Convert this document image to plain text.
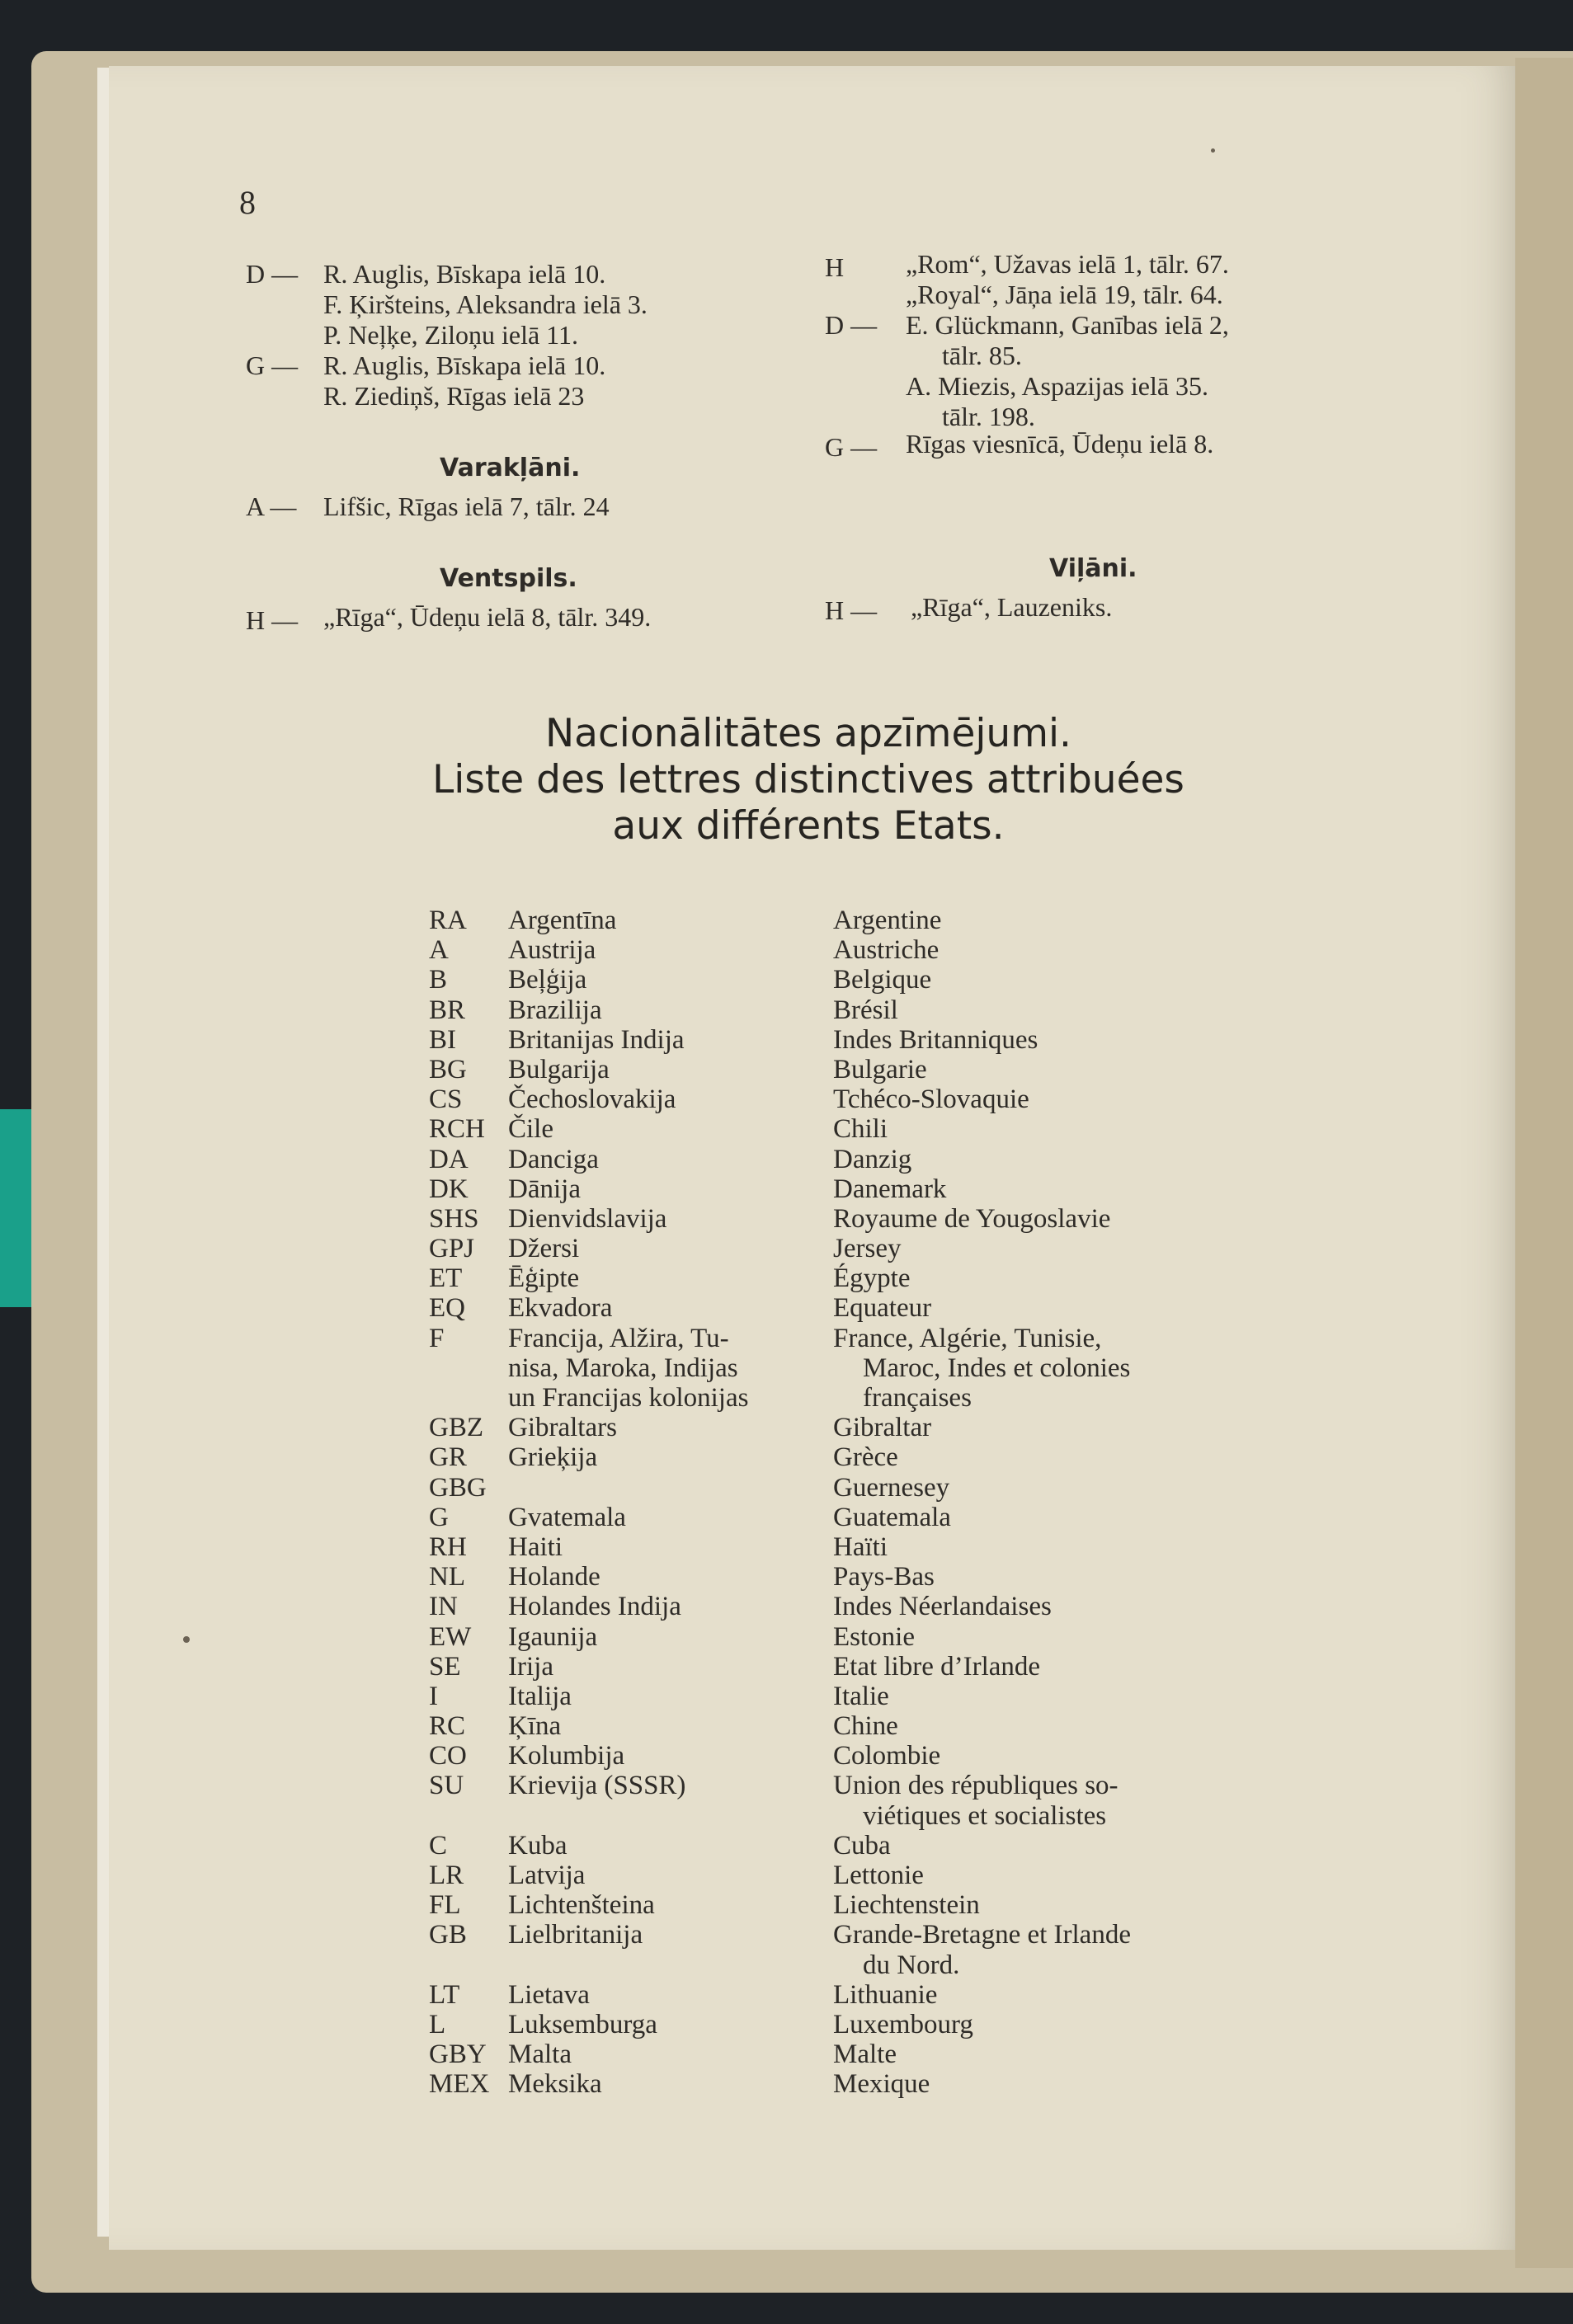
8
D — R. Auglis, Bīskapa ielā 10.
F. Ķiršteins, Aleksandra ielā 3.
P. Neļķe, Ziloņu ielā 11.
G — R. Auglis, Bīskapa ielā 10.
R. Ziediņš, Rīgas ielā 23
Varakļāni.
A — Lifšic, Rīgas ielā 7, tālr. 24
Ventspils.
H — „Rīga“, Ūdeņu ielā 8, tālr. 349.
H „Rom“, Užavas ielā 1, tālr. 67.
„Royal“, Jāņa ielā 19, tālr. 64.
D — E. Glückmann, Ganības ielā 2,
tālr. 85.
A. Miezis, Aspazijas ielā 35.
tālr. 198.
G — Rīgas viesnīcā, Ūdeņu ielā 8.
Viļāni.
H — „Rīga“, Lauzeniks.
Nacionālitātes apzīmējumi.
Liste des lettres distinctives attribuées
aux différents Etats.
RA Argentīna
A Austrija
B Beļģija
BR Brazilija
BI Britanijas Indija
BG Bulgarija
CS Čechoslovakija
RCH Čile
DA Danciga
DK Dānija
SHS Dienvidslavija
GPJ Džersi
ET Ēģipte
EQ Ekvadora
F Francija, Alžira, Tu-
nisa, Maroka, Indijas
un Francijas kolonijas
GBZ Gibraltars
GR Grieķija
GBG
G Gvatemala
RH Haiti
NL Holande
IN Holandes Indija
EW Igaunija
SE Irija
I	Italija
RC Ķīna
CO Kolumbija
SU Krievija (SSSR)
C Kuba
LR Latvija
FL Lichtenšteina
GB Lielbritanija
LT Lietava
L Luksemburga
GBY Malta
MEX Meksika
Argentine
Austriche
Belgique
Brésil
Indes Britanniques
Bulgarie
Tchéco-Slovaquie
Chili
Danzig
Danemark
Royaume de Yougoslavie
Jersey
Égypte
Equateur
France, Algérie, Tunisie,
Maroc, Indes et colonies
françaises
Gibraltar
Grèce
Guernesey
Guatemala
Haïti
Pays-Bas
Indes Néerlandaises
Estonie
Etat libre d’Irlande
Italie
Chine
Colombie
Union des républiques so-
viétiques et socialistes
Cuba
Lettonie
Liechtenstein
Grande-Bretagne et Irlande
du Nord.
Lithuanie
Luxembourg
Malte
Mexique
